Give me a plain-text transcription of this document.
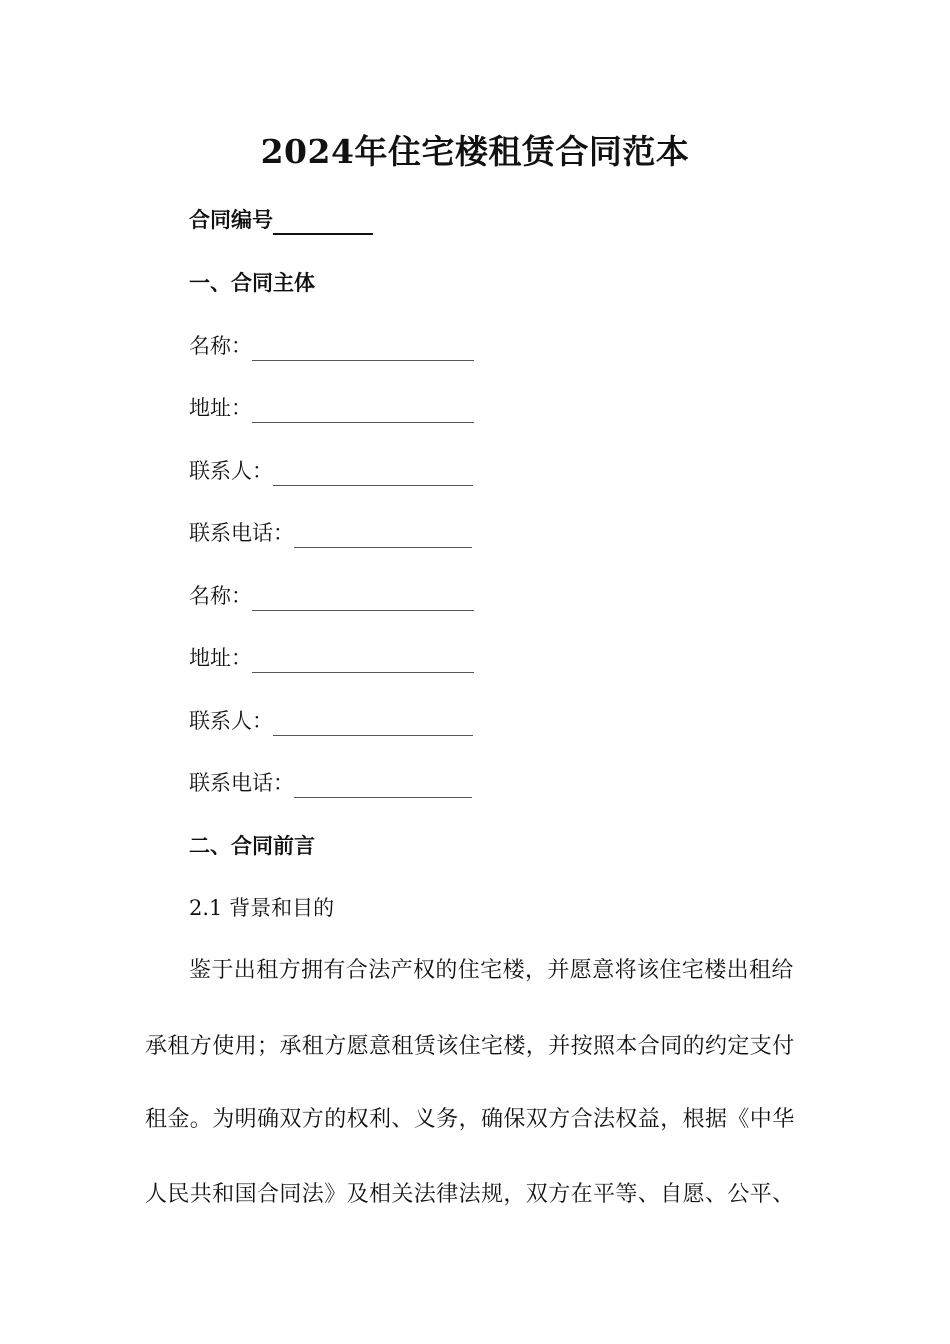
2024年住宅楼租赁合同范本
合同编号
一、合同主体
名称：
地址：
联系人：
联系电话：
名称：
地址：
联系人：
联系电话：
二、合同前言
2.1 背景和目的
鉴于出租方拥有合法产权的住宅楼，并愿意将该住宅楼出租给
承租方使用；承租方愿意租赁该住宅楼，并按照本合同的约定支付
租金。为明确双方的权利、义务，确保双方合法权益，根据《中华
人民共和国合同法》及相关法律法规，双方在平等、自愿、公平、
